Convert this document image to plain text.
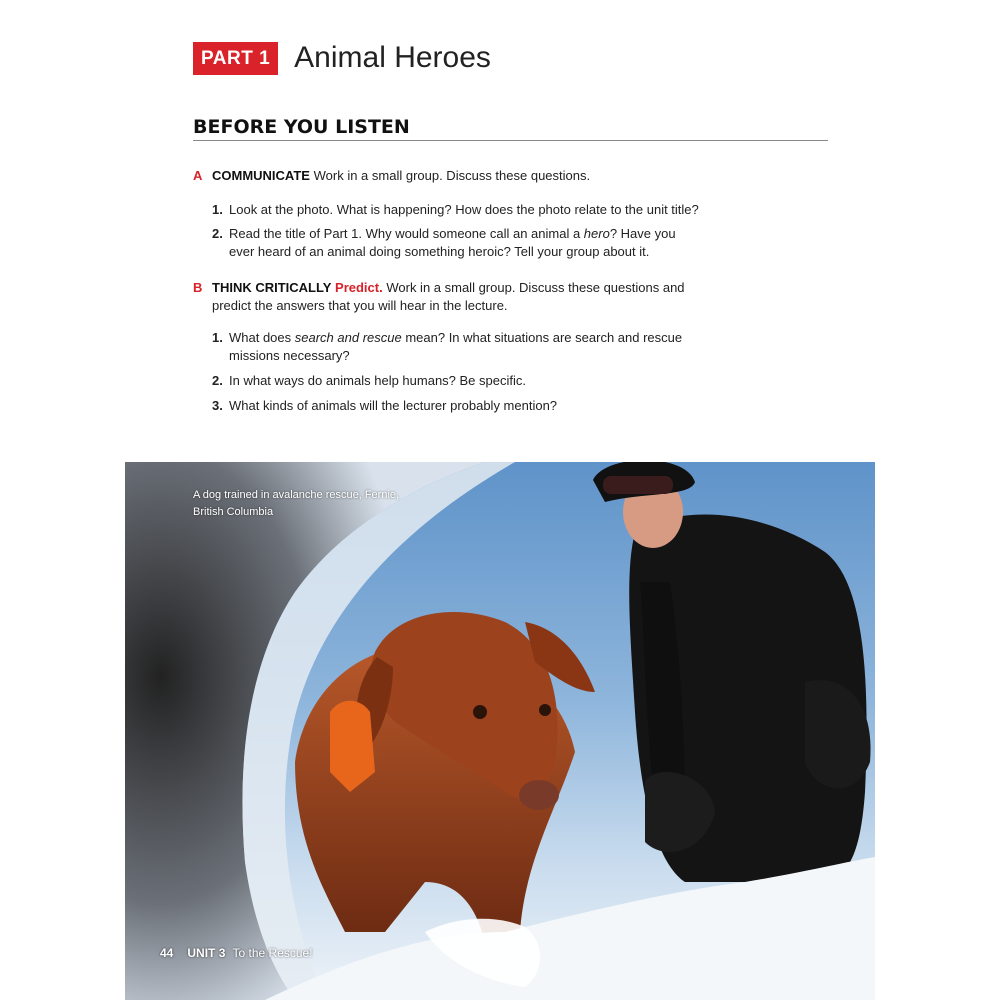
PART 1 Animal Heroes
BEFORE YOU LISTEN
A COMMUNICATE Work in a small group. Discuss these questions.
1. Look at the photo. What is happening? How does the photo relate to the unit title?
2. Read the title of Part 1. Why would someone call an animal a hero? Have you ever heard of an animal doing something heroic? Tell your group about it.
B THINK CRITICALLY Predict. Work in a small group. Discuss these questions and
predict the answers that you will hear in the lecture.
1. What does search and rescue mean? In what situations are search and rescue missions necessary?
2. In what ways do animals help humans? Be specific.
3. What kinds of animals will the lecturer probably mention?
A dog trained in avalanche rescue, Fernie,
British Columbia
44 UNIT 3 To the Rescue!
